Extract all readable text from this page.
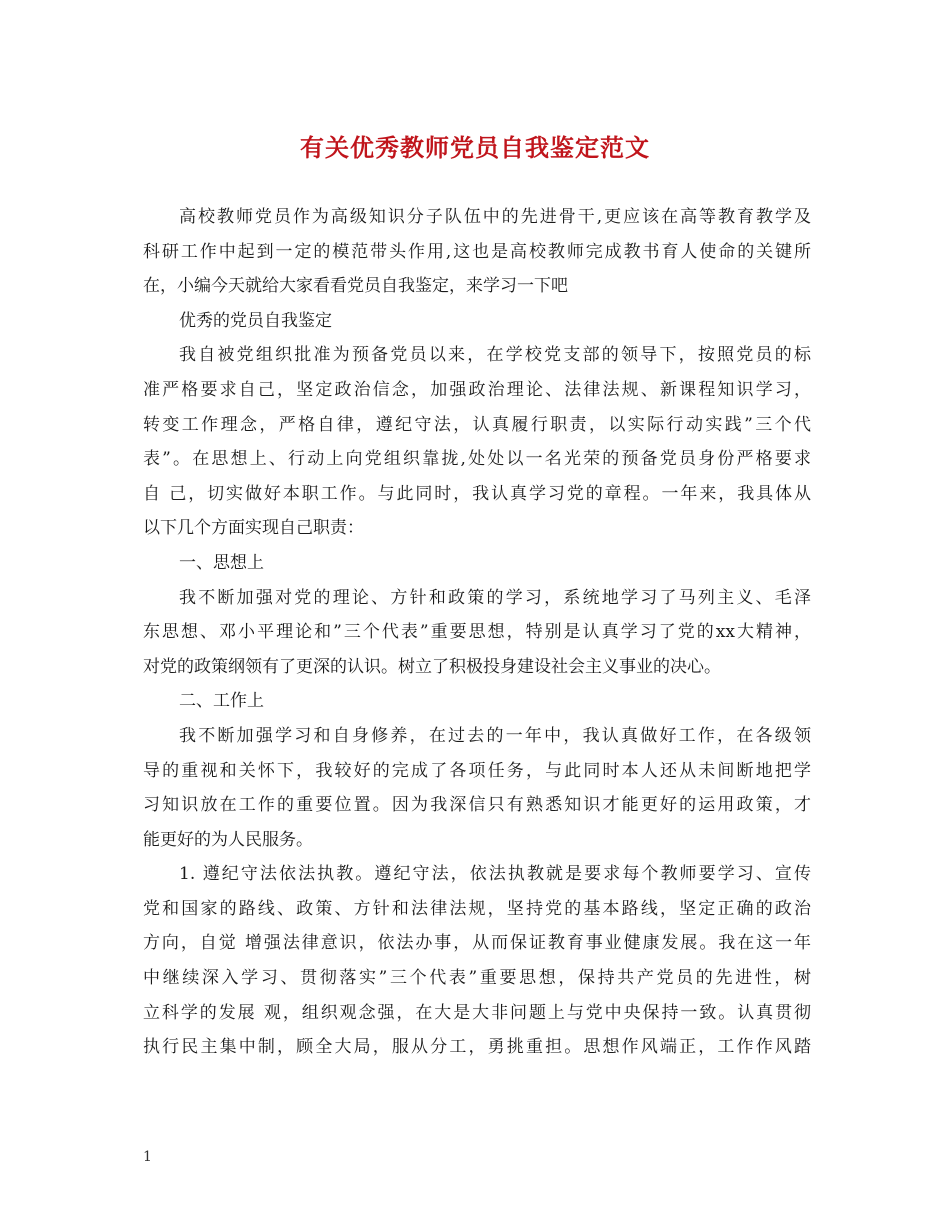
有关优秀教师党员自我鉴定范文
高校教师党员作为高级知识分子队伍中的先进骨干,更应该在高等教育教学及
科研工作中起到一定的模范带头作用,这也是高校教师完成教书育人使命的关键所
在，小编今天就给大家看看党员自我鉴定，来学习一下吧
优秀的党员自我鉴定
我自被党组织批准为预备党员以来，在学校党支部的领导下，按照党员的标
准严格要求自己，坚定政治信念，加强政治理论、法律法规、新课程知识学习，
转变工作理念，严格自律，遵纪守法，认真履行职责，以实际行动实践”三个代
表”。在思想上、行动上向党组织靠拢,处处以一名光荣的预备党员身份严格要求
自 己，切实做好本职工作。与此同时，我认真学习党的章程。一年来，我具体从
以下几个方面实现自己职责：
一、思想上
我不断加强对党的理论、方针和政策的学习，系统地学习了马列主义、毛泽
东思想、邓小平理论和”三个代表”重要思想，特别是认真学习了党的xx大精神，
对党的政策纲领有了更深的认识。树立了积极投身建设社会主义事业的决心。
二、工作上
我不断加强学习和自身修养，在过去的一年中，我认真做好工作，在各级领
导的重视和关怀下，我较好的完成了各项任务，与此同时本人还从未间断地把学
习知识放在工作的重要位置。因为我深信只有熟悉知识才能更好的运用政策，才
能更好的为人民服务。
1. 遵纪守法依法执教。遵纪守法，依法执教就是要求每个教师要学习、宣传
党和国家的路线、政策、方针和法律法规，坚持党的基本路线，坚定正确的政治
方向，自觉 增强法律意识，依法办事，从而保证教育事业健康发展。我在这一年
中继续深入学习、贯彻落实”三个代表”重要思想，保持共产党员的先进性，树
立科学的发展 观，组织观念强，在大是大非问题上与党中央保持一致。认真贯彻
执行民主集中制，顾全大局，服从分工，勇挑重担。思想作风端正，工作作风踏
1
